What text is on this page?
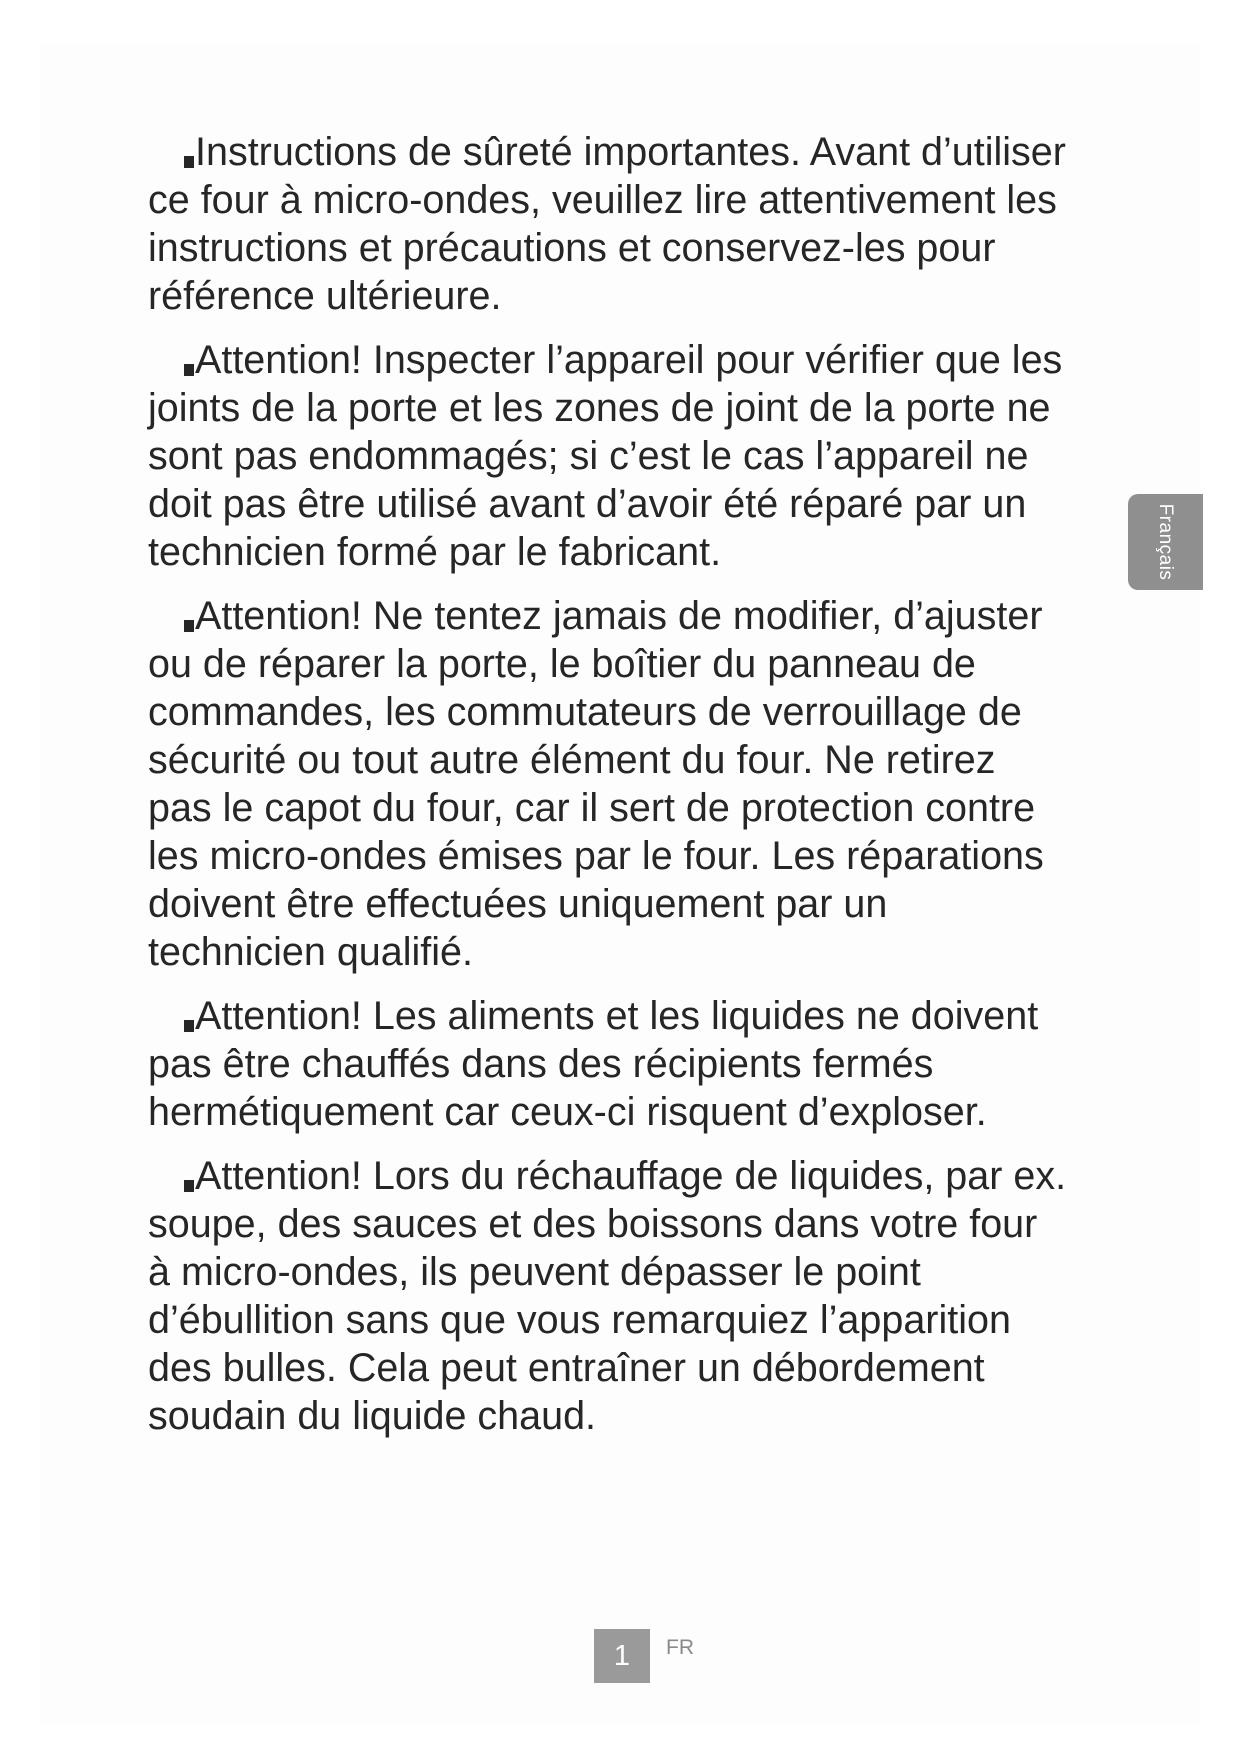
Instructions de sûreté importantes. Avant d’utiliser
ce four à micro-ondes, veuillez lire attentivement les
instructions et précautions et conservez-les pour
référence ultérieure.

Attention! Inspecter l’appareil pour vérifier que les
joints de la porte et les zones de joint de la porte ne
sont pas endommagés; si c’est le cas l’appareil ne
doit pas être utilisé avant d’avoir été réparé par un
technicien formé par le fabricant.

Attention! Ne tentez jamais de modifier, d’ajuster
ou de réparer la porte, le boîtier du panneau de
commandes, les commutateurs de verrouillage de
sécurité ou tout autre élément du four. Ne retirez
pas le capot du four, car il sert de protection contre
les micro-ondes émises par le four. Les réparations
doivent être effectuées uniquement par un
technicien qualifié.

Attention! Les aliments et les liquides ne doivent
pas être chauffés dans des récipients fermés
hermétiquement car ceux-ci risquent d’exploser.

Attention! Lors du réchauffage de liquides, par ex.
soupe, des sauces et des boissons dans votre four
à micro-ondes, ils peuvent dépasser le point
d’ébullition sans que vous remarquiez l’apparition
des bulles. Cela peut entraîner un débordement
soudain du liquide chaud.

Français
1	FR
